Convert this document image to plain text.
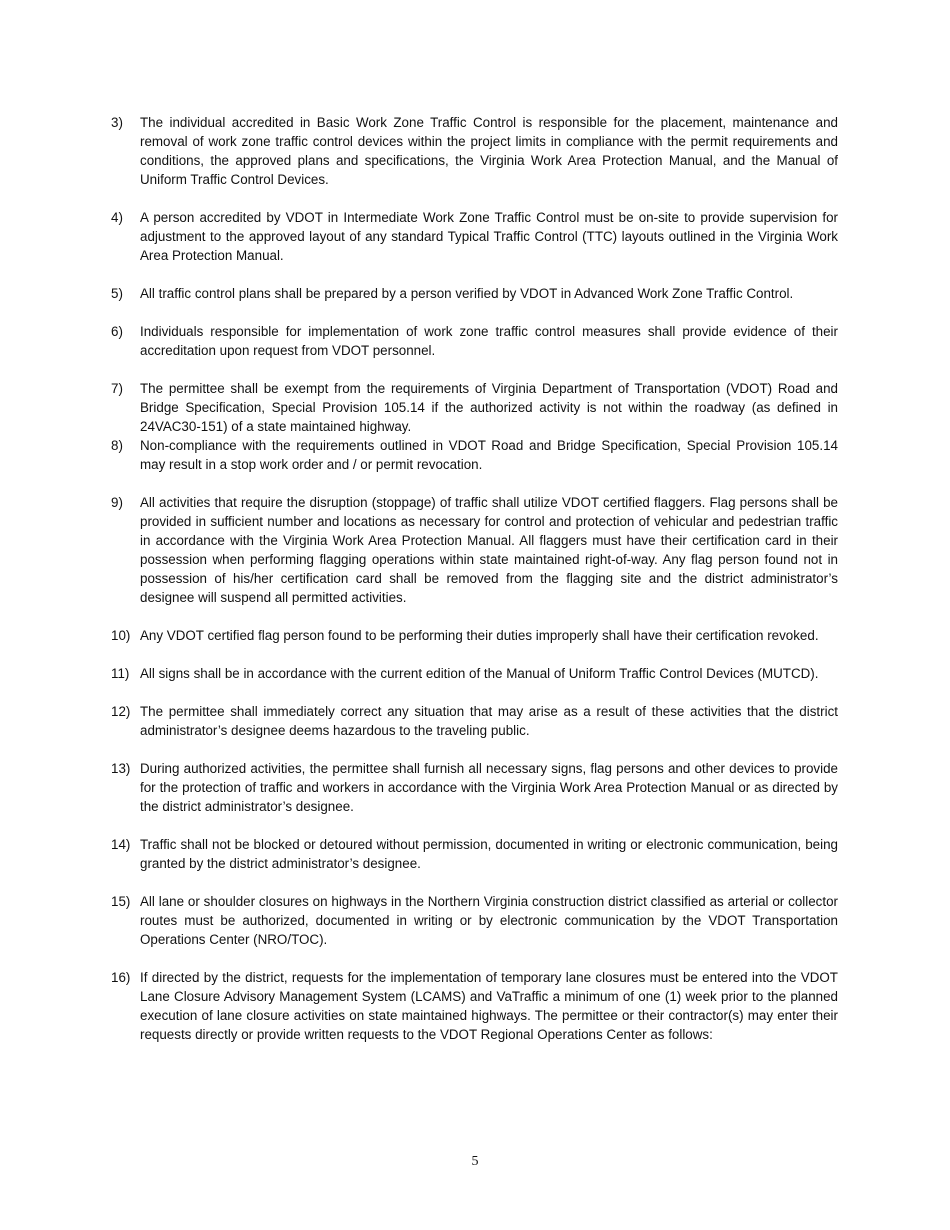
3)	The individual accredited in Basic Work Zone Traffic Control is responsible for the placement, maintenance and removal of work zone traffic control devices within the project limits in compliance with the permit requirements and conditions, the approved plans and specifications, the Virginia Work Area Protection Manual, and the Manual of Uniform Traffic Control Devices.
4)	A person accredited by VDOT in Intermediate Work Zone Traffic Control must be on-site to provide supervision for adjustment to the approved layout of any standard Typical Traffic Control (TTC) layouts outlined in the Virginia Work Area Protection Manual.
5)	All traffic control plans shall be prepared by a person verified by VDOT in Advanced Work Zone Traffic Control.
6)	Individuals responsible for implementation of work zone traffic control measures shall provide evidence of their accreditation upon request from VDOT personnel.
7)	The permittee shall be exempt from the requirements of Virginia Department of Transportation (VDOT) Road and Bridge Specification, Special Provision 105.14 if the authorized activity is not within the roadway (as defined in 24VAC30-151) of a state maintained highway.
8)	Non-compliance with the requirements outlined in VDOT Road and Bridge Specification, Special Provision 105.14 may result in a stop work order and / or permit revocation.
9)	All activities that require the disruption (stoppage) of traffic shall utilize VDOT certified flaggers. Flag persons shall be provided in sufficient number and locations as necessary for control and protection of vehicular and pedestrian traffic in accordance with the Virginia Work Area Protection Manual. All flaggers must have their certification card in their possession when performing flagging operations within state maintained right-of-way. Any flag person found not in possession of his/her certification card shall be removed from the flagging site and the district administrator’s designee will suspend all permitted activities.
10) Any VDOT certified flag person found to be performing their duties improperly shall have their certification revoked.
11) All signs shall be in accordance with the current edition of the Manual of Uniform Traffic Control Devices (MUTCD).
12) The permittee shall immediately correct any situation that may arise as a result of these activities that the district administrator’s designee deems hazardous to the traveling public.
13) During authorized activities, the permittee shall furnish all necessary signs, flag persons and other devices to provide for the protection of traffic and workers in accordance with the Virginia Work Area Protection Manual or as directed by the district administrator’s designee.
14) Traffic shall not be blocked or detoured without permission, documented in writing or electronic communication, being granted by the district administrator’s designee.
15) All lane or shoulder closures on highways in the Northern Virginia construction district classified as arterial or collector routes must be authorized, documented in writing or by electronic communication by the VDOT Transportation Operations Center (NRO/TOC).
16) If directed by the district, requests for the implementation of temporary lane closures must be entered into the VDOT Lane Closure Advisory Management System (LCAMS) and VaTraffic a minimum of one (1) week prior to the planned execution of lane closure activities on state maintained highways. The permittee or their contractor(s) may enter their requests directly or provide written requests to the VDOT Regional Operations Center as follows:
5
